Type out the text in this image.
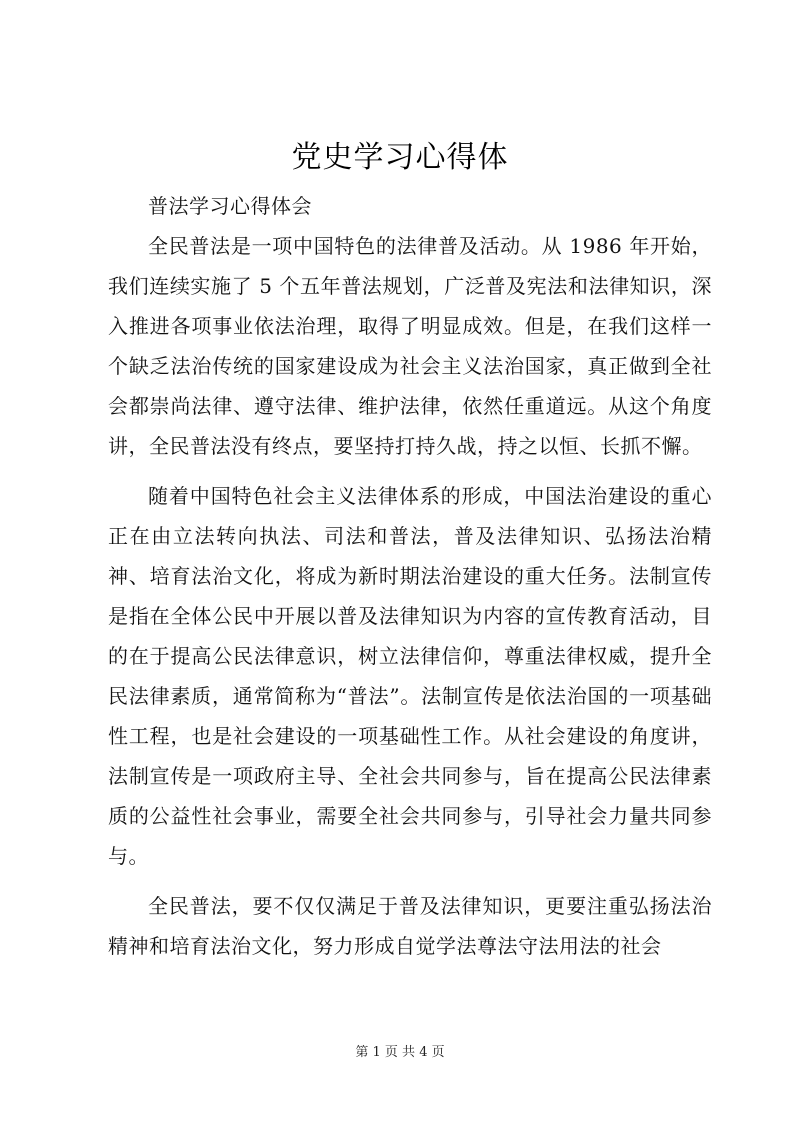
党史学习心得体

普法学习心得体会

全民普法是一项中国特色的法律普及活动。从 1986 年开始，我们连续实施了 5 个五年普法规划，广泛普及宪法和法律知识，深入推进各项事业依法治理，取得了明显成效。但是，在我们这样一个缺乏法治传统的国家建设成为社会主义法治国家，真正做到全社会都崇尚法律、遵守法律、维护法律，依然任重道远。从这个角度讲，全民普法没有终点，要坚持打持久战，持之以恒、长抓不懈。

随着中国特色社会主义法律体系的形成，中国法治建设的重心正在由立法转向执法、司法和普法，普及法律知识、弘扬法治精神、培育法治文化，将成为新时期法治建设的重大任务。法制宣传是指在全体公民中开展以普及法律知识为内容的宣传教育活动，目的在于提高公民法律意识，树立法律信仰，尊重法律权威，提升全民法律素质，通常简称为“普法”。法制宣传是依法治国的一项基础性工程，也是社会建设的一项基础性工作。从社会建设的角度讲，法制宣传是一项政府主导、全社会共同参与，旨在提高公民法律素质的公益性社会事业，需要全社会共同参与，引导社会力量共同参与。

全民普法，要不仅仅满足于普及法律知识，更要注重弘扬法治精神和培育法治文化，努力形成自觉学法尊法守法用法的社会

第 1 页 共 4 页
